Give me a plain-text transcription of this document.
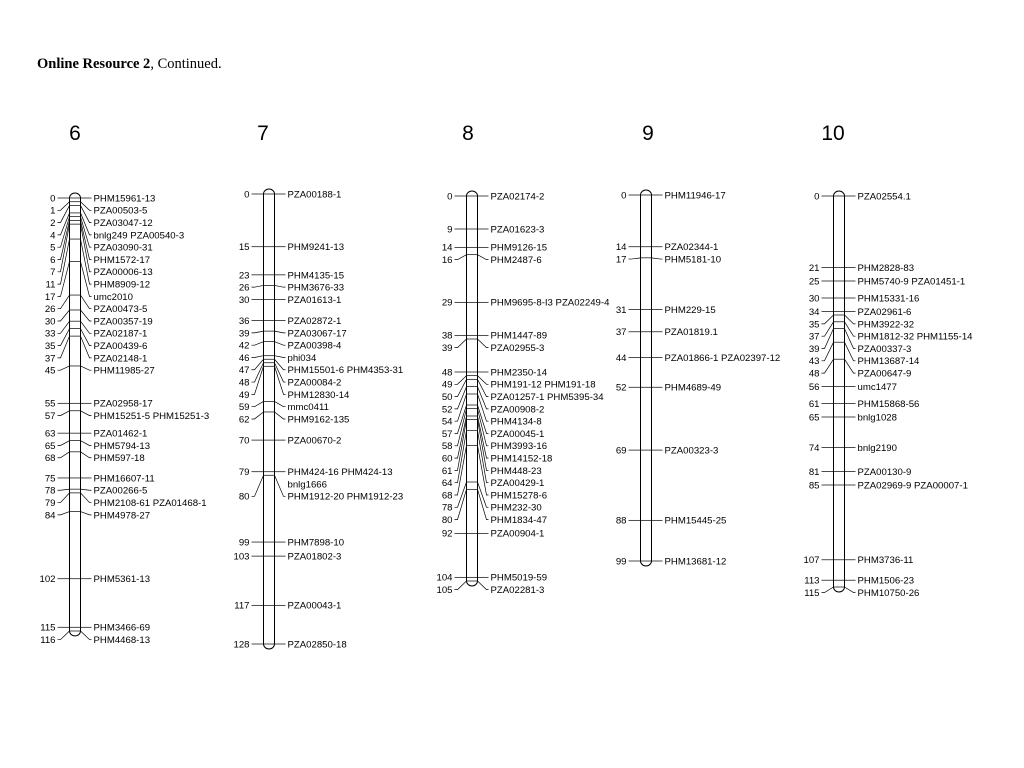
Online Resource 2, Continued.
6
0	PHM15961-13
1	PZA00503-5
2	PZA03047-12
4	bnlg249 PZA00540-3
5	PZA03090-31
6	PHM1572-17
7	PZA00006-13
11	PHM8909-12
17	umc2010
26	PZA00473-5
30	PZA00357-19
33	PZA02187-1
35	PZA00439-6
37	PZA02148-1
45	PHM11985-27
55	PZA02958-17
57	PHM15251-5 PHM15251-3
63	PZA01462-1
65	PHM5794-13
68	PHM597-18
75	PHM16607-11
78	PZA00266-5
79	PHM2108-61 PZA01468-1
84	PHM4978-27
102	PHM5361-13
115	PHM3466-69
116	PHM4468-13
7
0	PZA00188-1
15	PHM9241-13
23	PHM4135-15
26	PHM3676-33
30	PZA01613-1
36	PZA02872-1
39	PZA03067-17
42	PZA00398-4
46	phi034
47	PHM15501-6 PHM4353-31
48	PZA00084-2
49	PHM12830-14
59	mmc0411
62	PHM9162-135
70	PZA00670-2
79	PHM424-16 PHM424-13
bnlg1666
80	PHM1912-20 PHM1912-23
99	PHM7898-10
103	PZA01802-3
117	PZA00043-1
128	PZA02850-18
8
0	PZA02174-2
9	PZA01623-3
14	PHM9126-15
16	PHM2487-6
29	PHM9695-8-I3 PZA02249-4
38	PHM1447-89
39	PZA02955-3
48	PHM2350-14
49	PHM191-12 PHM191-18
50	PZA01257-1 PHM5395-34
52	PZA00908-2
54	PHM4134-8
57	PZA00045-1
58	PHM3993-16
60	PHM14152-18
61	PHM448-23
64	PZA00429-1
68	PHM15278-6
78	PHM232-30
80	PHM1834-47
92	PZA00904-1
104	PHM5019-59
105	PZA02281-3
9
0	PHM11946-17
14	PZA02344-1
17	PHM5181-10
31	PHM229-15
37	PZA01819.1
44	PZA01866-1 PZA02397-12
52	PHM4689-49
69	PZA00323-3
88	PHM15445-25
99	PHM13681-12
10
0	PZA02554.1
21	PHM2828-83
25	PHM5740-9 PZA01451-1
30	PHM15331-16
34	PZA02961-6
35	PHM3922-32
37	PHM1812-32 PHM1155-14
39	PZA00337-3
43	PHM13687-14
48	PZA00647-9
56	umc1477
61	PHM15868-56
65	bnlg1028
74	bnlg2190
81	PZA00130-9
85	PZA02969-9 PZA00007-1
107	PHM3736-11
113	PHM1506-23
115	PHM10750-26
